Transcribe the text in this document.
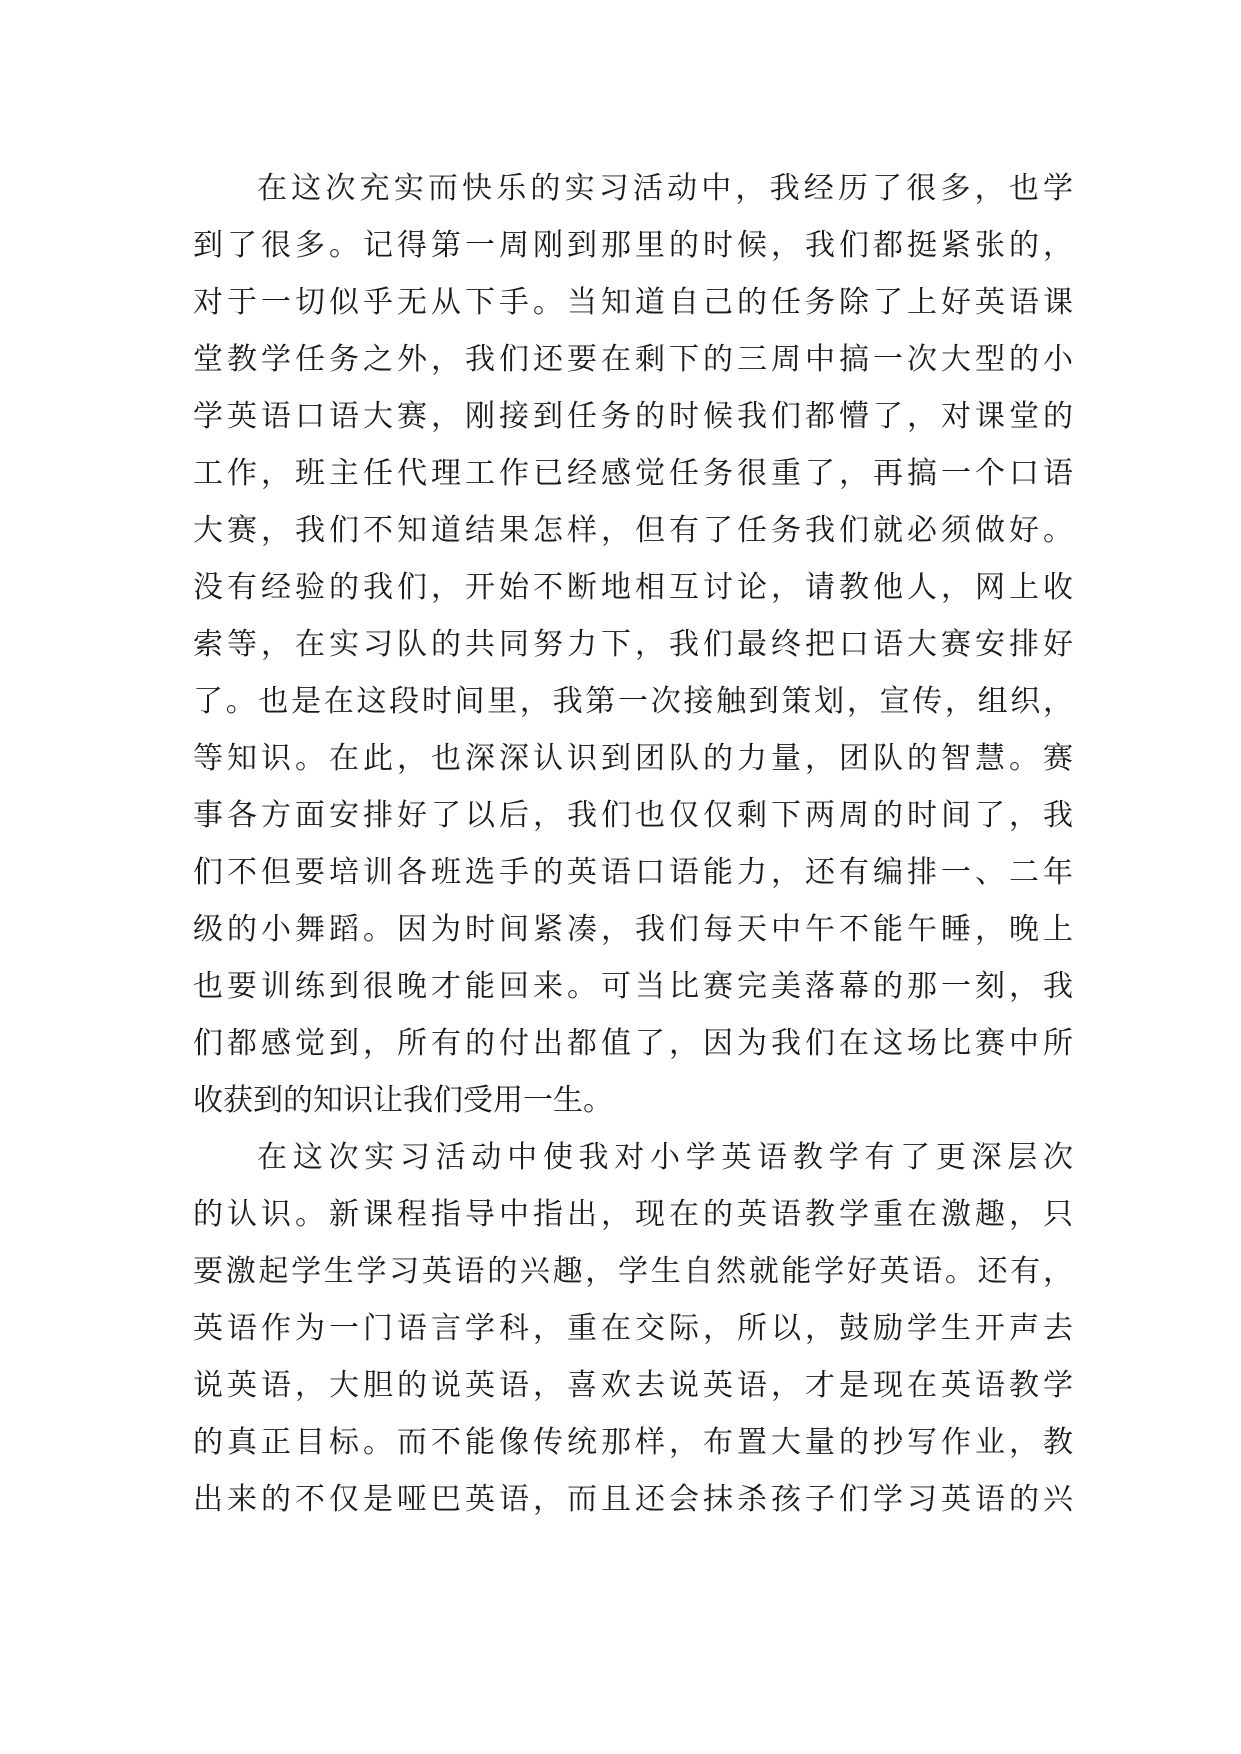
在这次充实而快乐的实习活动中，我经历了很多，也学
到了很多。记得第一周刚到那里的时候，我们都挺紧张的，
对于一切似乎无从下手。当知道自己的任务除了上好英语课
堂教学任务之外，我们还要在剩下的三周中搞一次大型的小
学英语口语大赛，刚接到任务的时候我们都懵了，对课堂的
工作，班主任代理工作已经感觉任务很重了，再搞一个口语
大赛，我们不知道结果怎样，但有了任务我们就必须做好。
没有经验的我们，开始不断地相互讨论，请教他人，网上收
索等，在实习队的共同努力下，我们最终把口语大赛安排好
了。也是在这段时间里，我第一次接触到策划，宣传，组织，
等知识。在此，也深深认识到团队的力量，团队的智慧。赛
事各方面安排好了以后，我们也仅仅剩下两周的时间了，我
们不但要培训各班选手的英语口语能力，还有编排一、二年
级的小舞蹈。因为时间紧凑，我们每天中午不能午睡，晚上
也要训练到很晚才能回来。可当比赛完美落幕的那一刻，我
们都感觉到，所有的付出都值了，因为我们在这场比赛中所
收获到的知识让我们受用一生。
在这次实习活动中使我对小学英语教学有了更深层次
的认识。新课程指导中指出，现在的英语教学重在激趣，只
要激起学生学习英语的兴趣，学生自然就能学好英语。还有，
英语作为一门语言学科，重在交际，所以，鼓励学生开声去
说英语，大胆的说英语，喜欢去说英语，才是现在英语教学
的真正目标。而不能像传统那样，布置大量的抄写作业，教
出来的不仅是哑巴英语，而且还会抹杀孩子们学习英语的兴
